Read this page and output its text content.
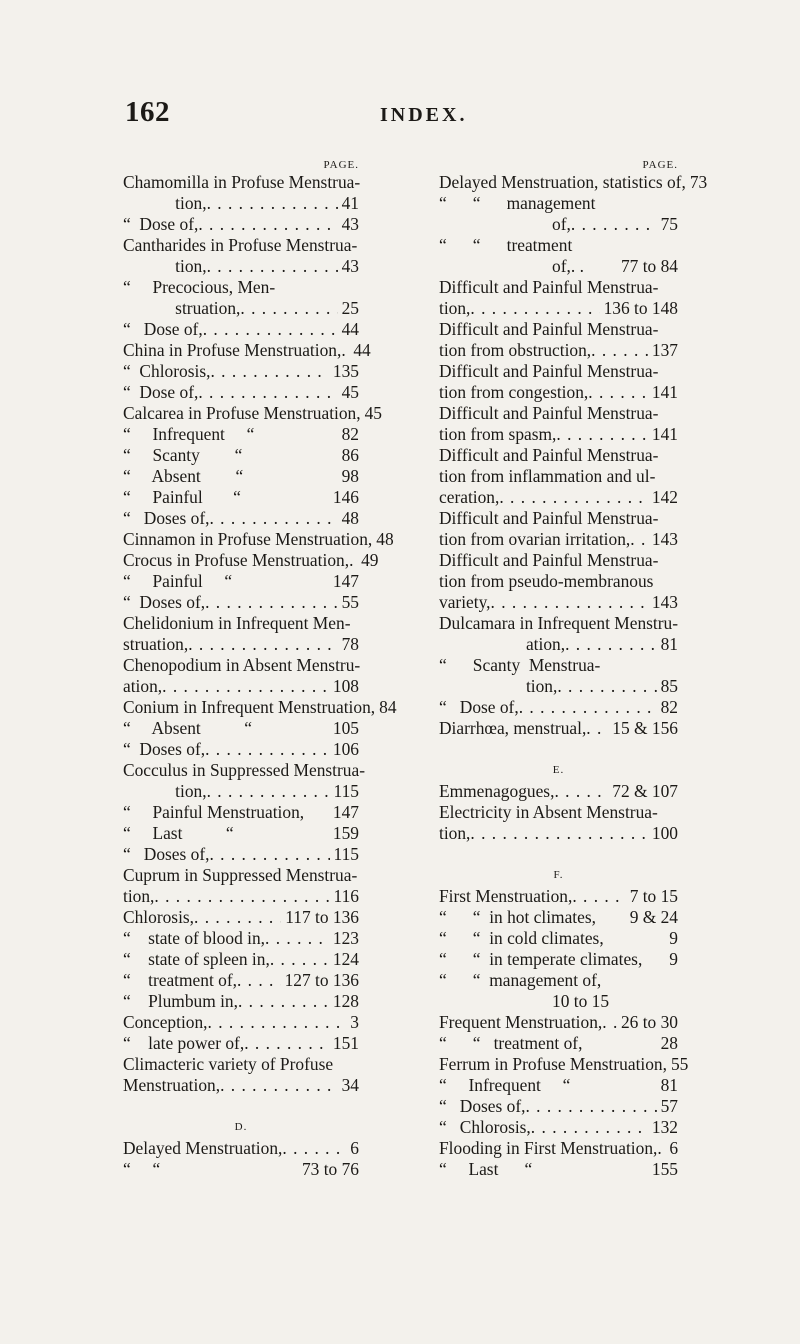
162	INDEX.
PAGE.
Chamomilla in Profuse Menstrua-
tion, . . .	41
“  Dose of, . . .	43
Cantharides in Profuse Menstrua-
tion, . . .	43
“     Precocious, Men-
struation, . . .	25
“   Dose of, . . .	44
China in Profuse Menstruation, . . . 44
“  Chlorosis, . . .	135
“  Dose of, . . .	45
Calcarea in Profuse Menstruation, 45
“     Infrequent     “	82
“     Scanty        “	86
“     Absent        “	98
“     Painful       “	146
“   Doses of, . . .	48
Cinnamon in Profuse Menstruation, 48
Crocus in Profuse Menstruation, . . . 49
“     Painful     “	147
“  Doses of, . . .	55
Chelidonium in Infrequent Men-
struation, . . .	78
Chenopodium in Absent Menstru-
ation, . . .	108
Conium in Infrequent Menstruation, 84
“     Absent          “	105
“  Doses of, . . .	106
Cocculus in Suppressed Menstrua-
tion, . . .	115
“     Painful Menstruation, 147
“     Last          “	159
“   Doses of, . . .	115
Cuprum in Suppressed Menstrua-
tion, . . .	116
Chlorosis, . . .	117 to 136
“    state of blood in, . . .	123
“    state of spleen in, . . .	124
“    treatment of, . . .	127 to 136
“    Plumbum in, . . .	128
Conception, . . .	3
“    late power of, . . .	151
Climacteric variety of Profuse
Menstruation, . . .	34
D.
Delayed Menstruation, . . .	6
“     “	73 to 76
PAGE.
Delayed Menstruation, statistics of, 73
“      “      management
of, . . .	75
“      “      treatment
of,. . 77 to 84
Difficult and Painful Menstrua-
tion, . . .	136 to 148
Difficult and Painful Menstrua-
tion from obstruction, . . .	137
Difficult and Painful Menstrua-
tion from congestion, . . .	141
Difficult and Painful Menstrua-
tion from spasm, . . .	141
Difficult and Painful Menstrua-
tion from inflammation and ul-
ceration, . . .	142
Difficult and Painful Menstrua-
tion from ovarian irritation, . . . 143
Difficult and Painful Menstrua-
tion from pseudo-membranous
variety, . . .	143
Dulcamara in Infrequent Menstru-
ation, . . .	81
“      Scanty  Menstrua-
tion, . . .	85
“   Dose of, . . .	82
Diarrhœa, menstrual, . . . 15 & 156
E.
Emmenagogues, . . .	72 & 107
Electricity in Absent Menstrua-
tion, . . .	100
F.
First Menstruation, . . .	7 to 15
“      “  in hot climates, 9 & 24
“      “  in cold climates,	9
“      “  in temperate climates, 9
“      “  management of,
10 to 15
Frequent Menstruation, . . . 26 to 30
“      “   treatment of,	28
Ferrum in Profuse Menstruation, 55
“     Infrequent     “	81
“   Doses of, . . .	57
“   Chlorosis, . . .	132
Flooding in First Menstruation, . . . 6
“     Last      “	155
